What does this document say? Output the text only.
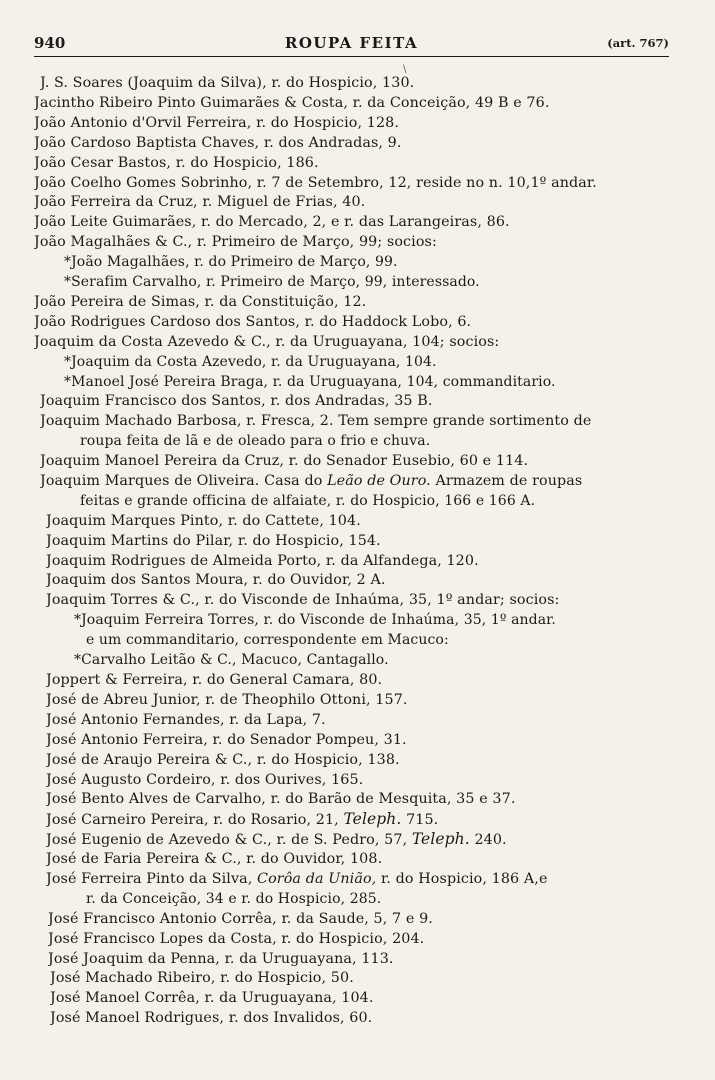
940	ROUPA FEITA	(art. 767)
\
J. S. Soares (Joaquim da Silva), r. do Hospicio, 130.
Jacintho Ribeiro Pinto Guimarães & Costa, r. da Conceição, 49 B e 76.
João Antonio d'Orvil Ferreira, r. do Hospicio, 128.
João Cardoso Baptista Chaves, r. dos Andradas, 9.
João Cesar Bastos, r. do Hospicio, 186.
João Coelho Gomes Sobrinho, r. 7 de Setembro, 12, reside no n. 10,1º andar.
João Ferreira da Cruz, r. Miguel de Frias, 40.
João Leite Guimarães, r. do Mercado, 2, e r. das Larangeiras, 86.
João Magalhães & C., r. Primeiro de Março, 99; socios:
*João Magalhães, r. do Primeiro de Março, 99.
*Serafim Carvalho, r. Primeiro de Março, 99, interessado.
João Pereira de Simas, r. da Constituição, 12.
João Rodrigues Cardoso dos Santos, r. do Haddock Lobo, 6.
Joaquim da Costa Azevedo & C., r. da Uruguayana, 104; socios:
*Joaquim da Costa Azevedo, r. da Uruguayana, 104.
*Manoel José Pereira Braga, r. da Uruguayana, 104, commanditario.
Joaquim Francisco dos Santos, r. dos Andradas, 35 B.
Joaquim Machado Barbosa, r. Fresca, 2. Tem sempre grande sortimento de
roupa feita de lã e de oleado para o frio e chuva.
Joaquim Manoel Pereira da Cruz, r. do Senador Eusebio, 60 e 114.
Joaquim Marques de Oliveira. Casa do Leão de Ouro. Armazem de roupas
feitas e grande officina de alfaiate, r. do Hospicio, 166 e 166 A.
Joaquim Marques Pinto, r. do Cattete, 104.
Joaquim Martins do Pilar, r. do Hospicio, 154.
Joaquim Rodrigues de Almeida Porto, r. da Alfandega, 120.
Joaquim dos Santos Moura, r. do Ouvidor, 2 A.
Joaquim Torres & C., r. do Visconde de Inhaúma, 35, 1º andar; socios:
*Joaquim Ferreira Torres, r. do Visconde de Inhaúma, 35, 1º andar.
e um commanditario, correspondente em Macuco:
*Carvalho Leitão & C., Macuco, Cantagallo.
Joppert & Ferreira, r. do General Camara, 80.
José de Abreu Junior, r. de Theophilo Ottoni, 157.
José Antonio Fernandes, r. da Lapa, 7.
José Antonio Ferreira, r. do Senador Pompeu, 31.
José de Araujo Pereira & C., r. do Hospicio, 138.
José Augusto Cordeiro, r. dos Ourives, 165.
José Bento Alves de Carvalho, r. do Barão de Mesquita, 35 e 37.
José Carneiro Pereira, r. do Rosario, 21, Teleph. 715.
José Eugenio de Azevedo & C., r. de S. Pedro, 57, Teleph. 240.
José de Faria Pereira & C., r. do Ouvidor, 108.
José Ferreira Pinto da Silva, Corôa da União, r. do Hospicio, 186 A,e
r. da Conceição, 34 e r. do Hospicio, 285.
José Francisco Antonio Corrêa, r. da Saude, 5, 7 e 9.
José Francisco Lopes da Costa, r. do Hospicio, 204.
José Joaquim da Penna, r. da Uruguayana, 113.
José Machado Ribeiro, r. do Hospicio, 50.
José Manoel Corrêa, r. da Uruguayana, 104.
José Manoel Rodrigues, r. dos Invalidos, 60.
